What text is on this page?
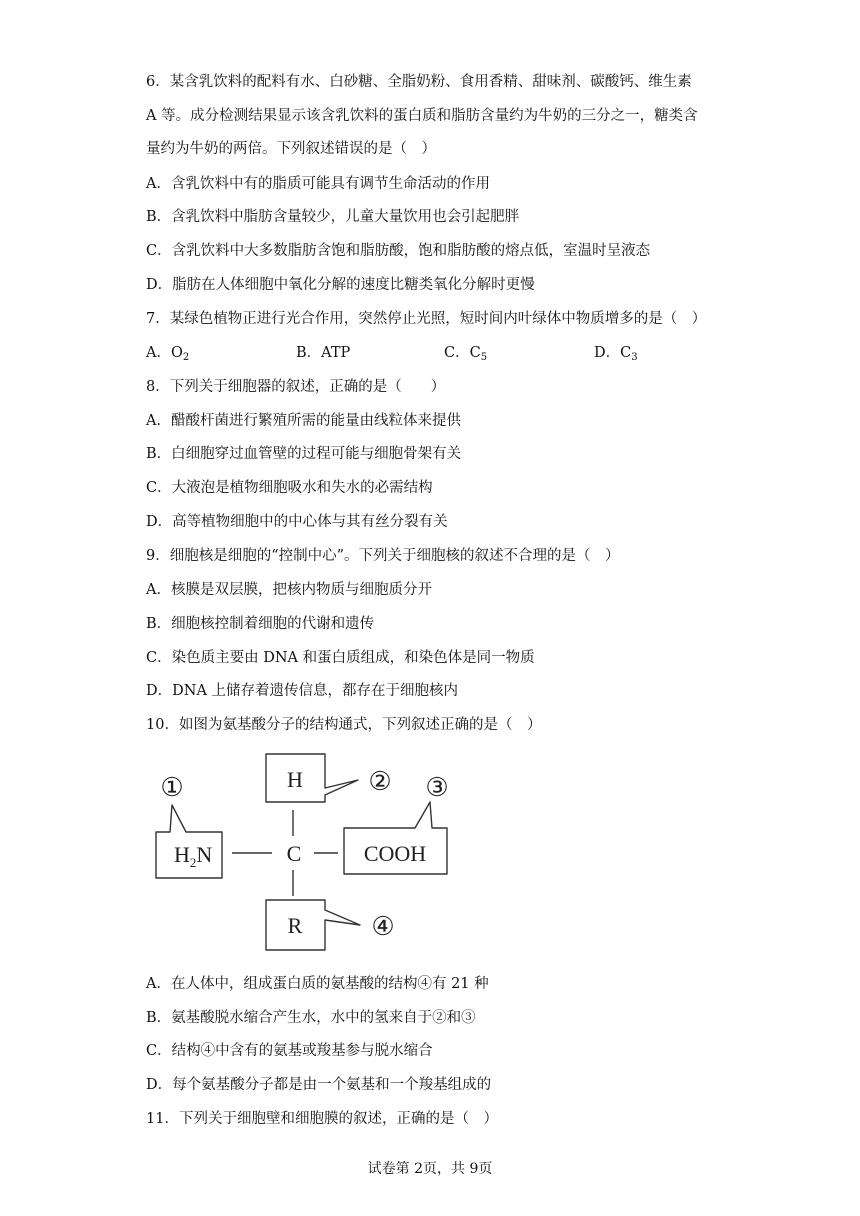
6．某含乳饮料的配料有水、白砂糖、全脂奶粉、食用香精、甜味剂、碳酸钙、维生素
A 等。成分检测结果显示该含乳饮料的蛋白质和脂肪含量约为牛奶的三分之一，糖类含
量约为牛奶的两倍。下列叙述错误的是（　）
A．含乳饮料中有的脂质可能具有调节生命活动的作用
B．含乳饮料中脂肪含量较少，儿童大量饮用也会引起肥胖
C．含乳饮料中大多数脂肪含饱和脂肪酸，饱和脂肪酸的熔点低，室温时呈液态
D．脂肪在人体细胞中氧化分解的速度比糖类氧化分解时更慢
7．某绿色植物正进行光合作用，突然停止光照，短时间内叶绿体中物质增多的是（　）
A．$O_2$	B．ATP	C．$C_5$	D．$C_3$
8．下列关于细胞器的叙述，正确的是（　　）
A．醋酸杆菌进行繁殖所需的能量由线粒体来提供
B．白细胞穿过血管壁的过程可能与细胞骨架有关
C．大液泡是植物细胞吸水和失水的必需结构
D．高等植物细胞中的中心体与其有丝分裂有关
9．细胞核是细胞的“控制中心”。下列关于细胞核的叙述不合理的是（　）
A．核膜是双层膜，把核内物质与细胞质分开
B．细胞核控制着细胞的代谢和遗传
C．染色质主要由 DNA 和蛋白质组成，和染色体是同一物质
D．DNA 上储存着遗传信息，都存在于细胞核内
10．如图为氨基酸分子的结构通式，下列叙述正确的是（　）
H
$H_2N$	C	COOH
R
①	② ③
④
A．在人体中，组成蛋白质的氨基酸的结构④有 21 种
B．氨基酸脱水缩合产生水，水中的氢来自于②和③
C．结构④中含有的氨基或羧基参与脱水缩合
D．每个氨基酸分子都是由一个氨基和一个羧基组成的
11．下列关于细胞壁和细胞膜的叙述，正确的是（　）
试卷第 2页，共 9页
